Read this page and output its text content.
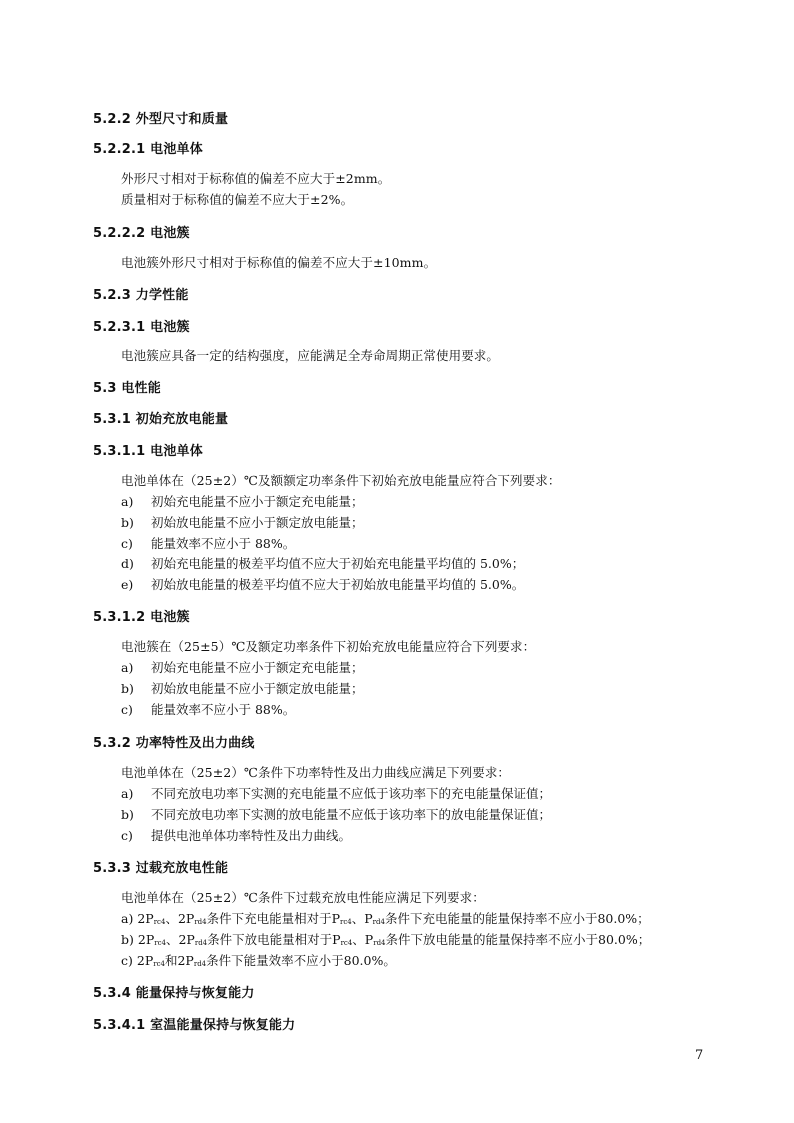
5.2.2 外型尺寸和质量
5.2.2.1 电池单体
外形尺寸相对于标称值的偏差不应大于±2mm。
质量相对于标称值的偏差不应大于±2%。
5.2.2.2 电池簇
电池簇外形尺寸相对于标称值的偏差不应大于±10mm。
5.2.3 力学性能
5.2.3.1 电池簇
电池簇应具备一定的结构强度，应能满足全寿命周期正常使用要求。
5.3 电性能
5.3.1 初始充放电能量
5.3.1.1 电池单体
电池单体在（25±2）℃及额额定功率条件下初始充放电能量应符合下列要求：
a) 初始充电能量不应小于额定充电能量；
b) 初始放电能量不应小于额定放电能量；
c) 能量效率不应小于 88%。
d) 初始充电能量的极差平均值不应大于初始充电能量平均值的 5.0%；
e) 初始放电能量的极差平均值不应大于初始放电能量平均值的 5.0%。
5.3.1.2 电池簇
电池簇在（25±5）℃及额定功率条件下初始充放电能量应符合下列要求：
a) 初始充电能量不应小于额定充电能量；
b) 初始放电能量不应小于额定放电能量；
c) 能量效率不应小于 88%。
5.3.2 功率特性及出力曲线
电池单体在（25±2）℃条件下功率特性及出力曲线应满足下列要求：
a) 不同充放电功率下实测的充电能量不应低于该功率下的充电能量保证值；
b) 不同充放电功率下实测的放电能量不应低于该功率下的放电能量保证值；
c) 提供电池单体功率特性及出力曲线。
5.3.3 过载充放电性能
电池单体在（25±2）℃条件下过载充放电性能应满足下列要求：
a) 2Prc4、2Prd4条件下充电能量相对于Prc4、Prd4条件下充电能量的能量保持率不应小于80.0%；
b) 2Prc4、2Prd4条件下放电能量相对于Prc4、Prd4条件下放电能量的能量保持率不应小于80.0%；
c) 2Prc4和2Prd4条件下能量效率不应小于80.0%。
5.3.4 能量保持与恢复能力
5.3.4.1 室温能量保持与恢复能力
7
